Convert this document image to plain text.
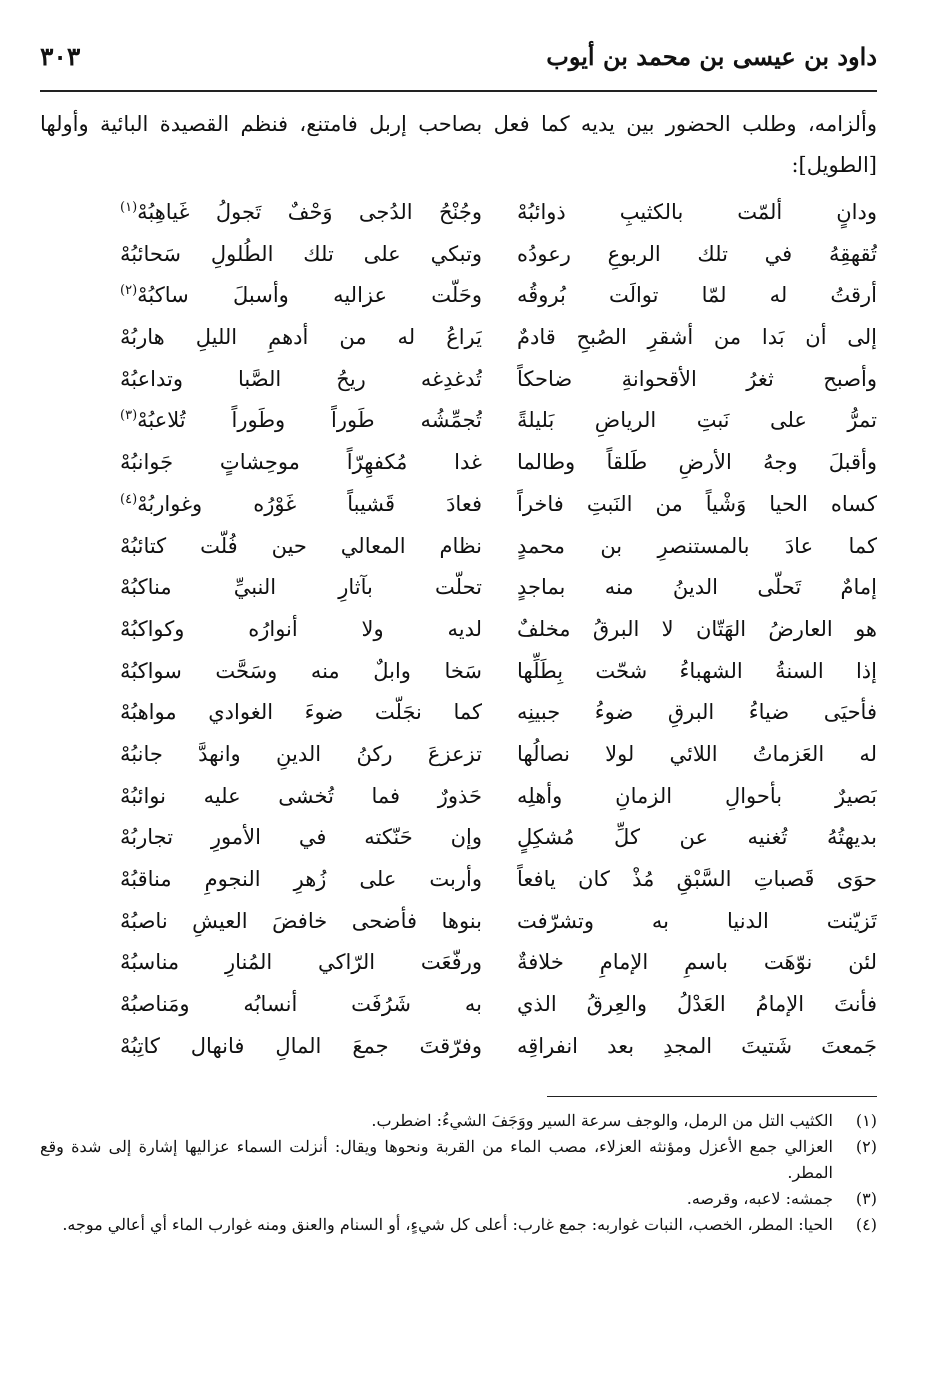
داود بن عيسى بن محمد بن أيوب
٣٠٣
وألزامه، وطلب الحضور بين يديه كما فعل بصاحب إربل فامتنع، فنظم القصيدة البائية وأولها [الطويل]:
ودانٍ ألمّت بالكثيبِ ذوائبُهْ
وجُنْحُ الدُجى وَحْفٌ تَجولُ غَياهِبُهْ$^{(١)}$
تُقهقِهُ في تلك الربوعِ رعودُه
وتبكي على تلك الطُلولِ سَحائبُهْ
أرقتُ له لمّا توالَت بُروقُه
وحَلّت عزاليه وأسبلَ ساكبُهْ$^{(٢)}$
إلى أن بَدا من أشقرِ الصُبحِ قادمٌ
يَراعُ له من أدهمِ الليلِ هاربُهْ
وأصبح ثغرُ الأقحوانةِ ضاحكاً
تُدغدِغه ريحُ الصَّبا وتداعبُهْ
تمرُّ على نَبتِ الرياضِ بَليلةً
تُجمِّشُه طَوراً وطَوراً تُلاعبُهْ$^{(٣)}$
وأقبلَ وجهُ الأرضِ طَلقاً وطالما
غدا مُكفهِرّاً موحِشاتٍ جَوانبُهْ
كساه الحيا وَشْياً من النَبتِ فاخراً
فعادَ قَشيباً غَوْرُه وغواربُهْ$^{(٤)}$
كما عادَ بالمستنصرِ بن محمدٍ
نظام المعالي حين فُلّت كتائبُهْ
إمامٌ تَحلّى الدينُ منه بماجدٍ
تحلّت بآثارِ النبيِّ مناكبُهْ
هو العارضُ الهَتّان لا البرقُ مخلفٌ
لديه ولا أنوارُه وكواكبُهْ
إذا السنةُ الشهباءُ شحّت بِطَلِّها
سَخا وابلٌ منه وسَحَّت سواكبُهْ
فأحيَى ضياءُ البرقِ ضوءُ جبينِه
كما نجَلّت ضوءَ الغوادي مواهبُهْ
له العَزماتُ اللائي لولا نصالُها
تزعزعَ ركنُ الدينِ وانهدَّ جانبُهْ
بَصيرٌ بأحوالِ الزمانِ وأهلِه
حَذورٌ فما تُخشى عليه نوائبُهْ
بديهتُهُ تُغنيه عن كلِّ مُشكِلٍ
وإن حَنّكته في الأمورِ تجاربُهْ
حوَى قَصباتِ السَّبْقِ مُذْ كان يافعاً
وأربت على زُهرِ النجومِ مناقبُهْ
تَزيّنت الدنيا به وتشرّفت
بنوها فأضحى خافضَ العيشِ ناصبُهْ
لئن نوّهَت باسمِ الإمامِ خلافةٌ
ورفّعَت الرّاكي المُنارِ مناسبُهْ
فأنتَ الإمامُ العَدْلُ والعِرقُ الذي
به شَرُفَت أنسابُه ومَناصبُهْ
جَمعتَ شَتيتَ المجدِ بعد انفراقِه
وفرّقتَ جمعَ المالِ فانهال كاتِبُهْ
(١)
الكثيب التل من الرمل، والوجف سرعة السير ووَجَفَ الشيءُ: اضطرب.
(٢)
العزالي جمع الأعزل ومؤنثه العزلاء، مصب الماء من القربة ونحوها ويقال: أنزلت السماء عزاليها إشارة إلى شدة وقع المطر.
(٣)
جمشه: لاعبه، وقرصه.
(٤)
الحيا: المطر، الخصب، النبات غواربه: جمع غارب: أعلى كل شيءٍ، أو السنام والعنق ومنه غوارب الماء أي أعالي موجه.
